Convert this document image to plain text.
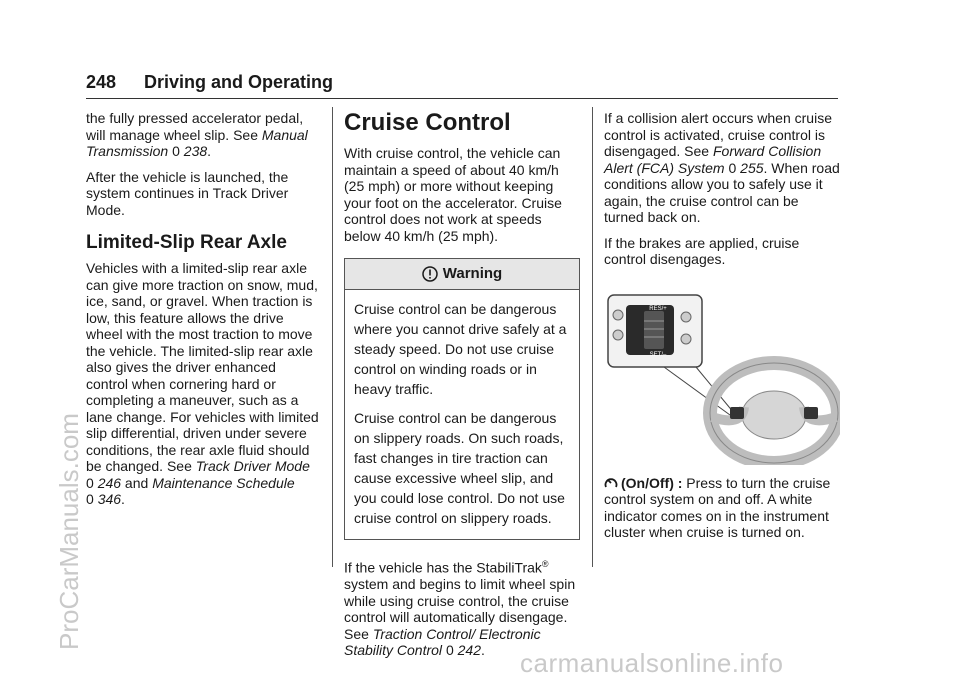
248 Driving and Operating

the fully pressed accelerator pedal, will manage wheel slip. See Manual Transmission 0 238.

After the vehicle is launched, the system continues in Track Driver Mode.

Limited-Slip Rear Axle

Vehicles with a limited-slip rear axle can give more traction on snow, mud, ice, sand, or gravel. When traction is low, this feature allows the drive wheel with the most traction to move the vehicle. The limited-slip rear axle also gives the driver enhanced control when cornering hard or completing a maneuver, such as a lane change. For vehicles with limited slip differential, driven under severe conditions, the rear axle fluid should be changed. See Track Driver Mode
0 246 and Maintenance Schedule
0 346.

Cruise Control

With cruise control, the vehicle can maintain a speed of about 40 km/h (25 mph) or more without keeping your foot on the accelerator. Cruise control does not work at speeds below 40 km/h (25 mph).

Warning

Cruise control can be dangerous where you cannot drive safely at a steady speed. Do not use cruise control on winding roads or in heavy traffic.

Cruise control can be dangerous on slippery roads. On such roads, fast changes in tire traction can cause excessive wheel slip, and you could lose control. Do not use cruise control on slippery roads.

If the vehicle has the StabiliTrak® system and begins to limit wheel spin while using cruise control, the cruise control will automatically disengage. See Traction Control/ Electronic Stability Control 0 242.

If a collision alert occurs when cruise control is activated, cruise control is disengaged. See Forward Collision Alert (FCA) System 0 255. When road conditions allow you to safely use it again, the cruise control can be turned back on.

If the brakes are applied, cruise control disengages.

RES/+
SET/–

(On/Off) : Press to turn the cruise control system on and off. A white indicator comes on in the instrument cluster when cruise is turned on.

ProCarManuals.com
carmanualsonline.info
